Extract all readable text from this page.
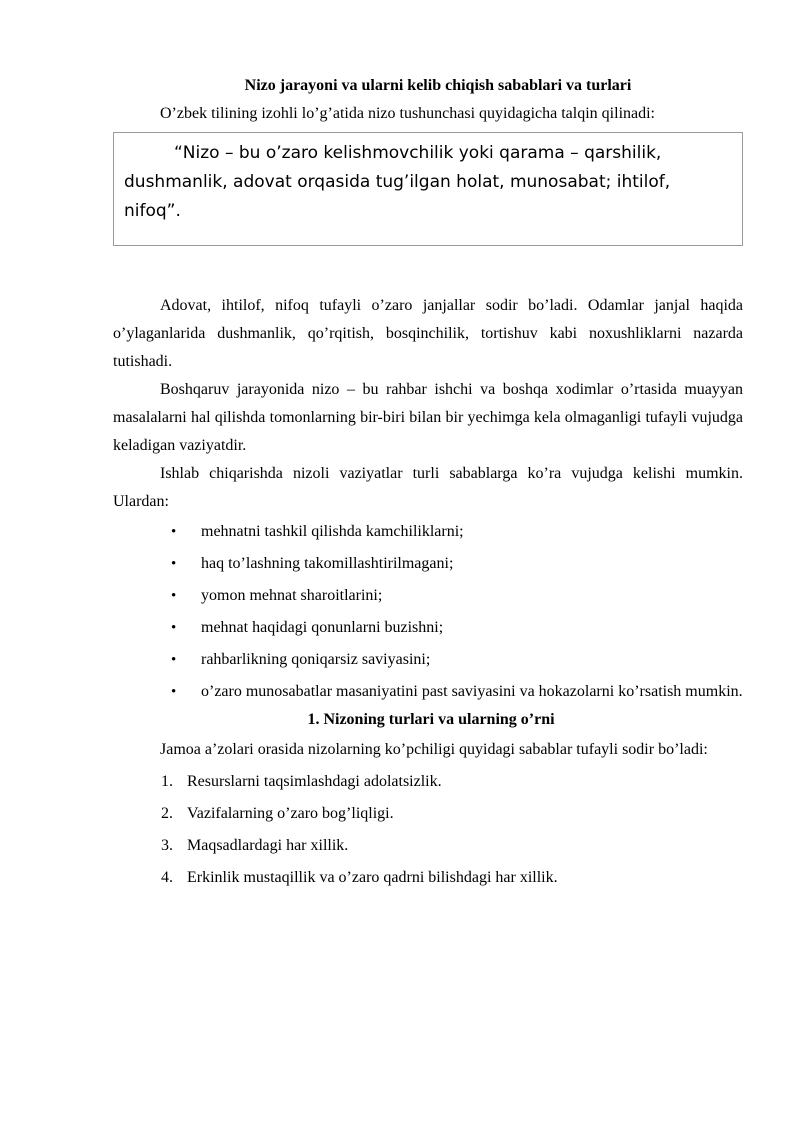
Nizo jarayoni va ularni kelib chiqish sabablari va turlari

O’zbek tilining izohli lo’g’atida nizo tushunchasi quyidagicha talqin qilinadi:

“Nizo – bu o’zaro kelishmovchilik yoki qarama – qarshilik, dushmanlik, adovat orqasida tug’ilgan holat, munosabat; ihtilof, nifoq”.

Adovat, ihtilof, nifoq tufayli o’zaro janjallar sodir bo’ladi. Odamlar janjal haqida o’ylaganlarida dushmanlik, qo’rqitish, bosqinchilik, tortishuv kabi noxushliklarni nazarda tutishadi.

Boshqaruv jarayonida nizo – bu rahbar ishchi va boshqa xodimlar o’rtasida muayyan masalalarni hal qilishda tomonlarning bir-biri bilan bir yechimga kela olmaganligi tufayli vujudga keladigan vaziyatdir.

Ishlab chiqarishda nizoli vaziyatlar turli sabablarga ko’ra vujudga kelishi mumkin. Ulardan:

• mehnatni tashkil qilishda kamchiliklarni;
• haq to’lashning takomillashtirilmagani;
• yomon mehnat sharoitlarini;
• mehnat haqidagi qonunlarni buzishni;
• rahbarlikning qoniqarsiz saviyasini;
• o’zaro munosabatlar masaniyatini past saviyasini va hokazolarni ko’rsatish mumkin.
1. Nizoning turlari va ularning o’rni

Jamoa a’zolari orasida nizolarning ko’pchiligi quyidagi sabablar tufayli sodir bo’ladi:

1. Resurslarni taqsimlashdagi adolatsizlik.
2. Vazifalarning o’zaro bog’liqligi.
3. Maqsadlardagi har xillik.
4. Erkinlik mustaqillik va o’zaro qadrni bilishdagi har xillik.
